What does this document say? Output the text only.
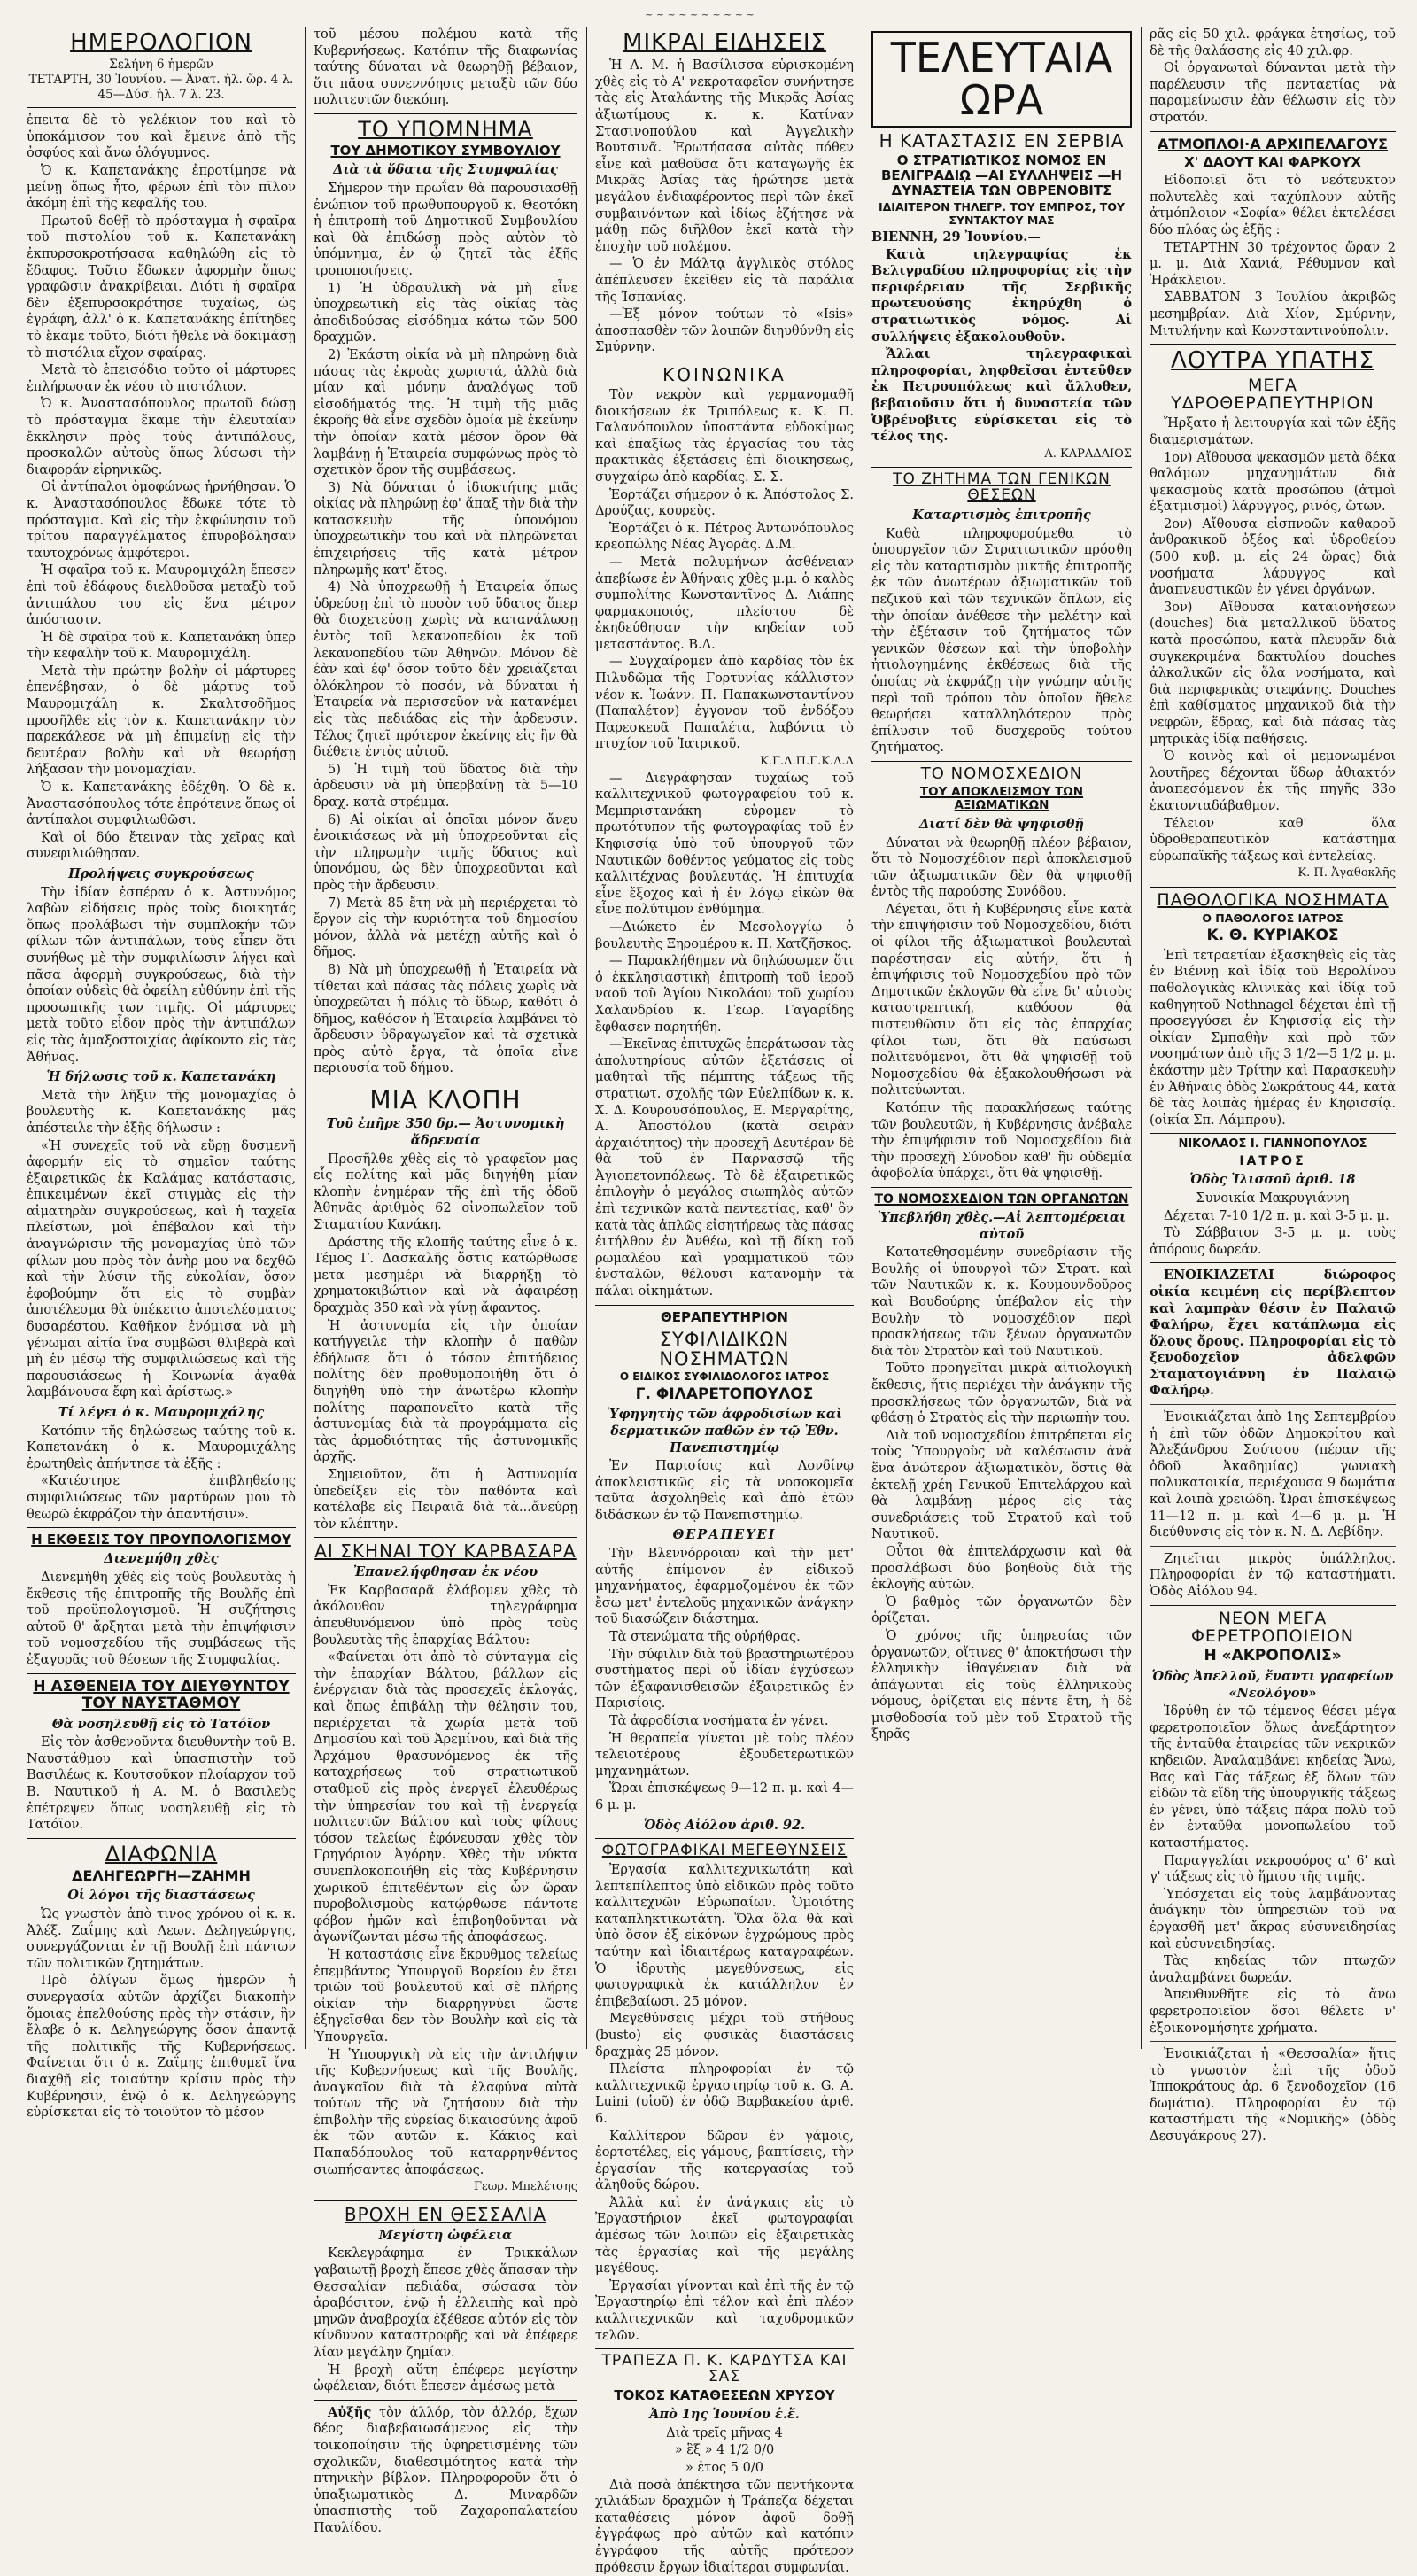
~ ~ ~ ~ ~ ~ ~ ~ ~ ~
ΗΜΕΡΟΛΟΓΙΟΝ
Σελήνη 6 ἡμερῶν
ΤΕΤΑΡΤΗ, 30 Ἰουνίου. — Ἀνατ. ἡλ. ὥρ. 4 λ. 45—Δύσ. ἡλ. 7 λ. 23.

ἐπειτα δὲ τὸ γελέκιον του καὶ τὸ ὑποκάμισον του καὶ ἔμεινε ἀπὸ τῆς ὀσφύος καὶ ἄνω ὁλόγυμνος.

Ὁ κ. Καπετανάκης ἐπροτίμησε νὰ μείνῃ ὅπως ἦτο, φέρων ἐπὶ τὸν πῖλον ἀκόμη ἐπὶ τῆς κεφαλῆς του.

Πρωτοῦ δοθῇ τὸ πρόσταγμα ἡ σφαῖρα τοῦ πιστολίου τοῦ κ. Καπετανάκη ἐκπυρσοκροτήσασα καθηλώθη εἰς τὸ ἔδαφος. Τοῦτο ἔδωκεν ἀφορμὴν ὅπως γραφῶσιν ἀνακρίβειαι. Διότι ἡ σφαῖρα δὲν ἐξεπυρσοκρότησε τυχαίως, ὡς ἐγράφη, ἀλλ' ὁ κ. Καπετανάκης ἐπίτηδες τὸ ἔκαμε τοῦτο, διότι ἤθελε νὰ δοκιμάσῃ τὸ πιστόλια εἴχον σφαίρας.

Μετὰ τὸ ἐπεισόδιο τοῦτο οἱ μάρτυρες ἐπλήρωσαν ἐκ νέου τὸ πιστόλιον.

Ὁ κ. Ἀναστασόπουλος πρωτοῦ δώσῃ τὸ πρόσταγμα ἔκαμε τὴν ἐλευταίαν ἔκκλησιν πρὸς τοὺς ἀντιπάλους, προσκαλῶν αὐτοὺς ὅπως λύσωσι τὴν διαφοράν εἰρηνικῶς.

Οἱ ἀντίπαλοι ὁμοφώνως ἠρνήθησαν. Ὁ κ. Ἀναστασόπουλος ἔδωκε τότε τὸ πρόσταγμα. Καὶ εἰς τὴν ἐκφώνησιν τοῦ τρίτου παραγγέλματος ἐπυροβόλησαν ταυτοχρόνως ἀμφότεροι.

Ἡ σφαῖρα τοῦ κ. Μαυρομιχάλη ἔπεσεν ἐπὶ τοῦ ἐδάφους διελθοῦσα μεταξὺ τοῦ ἀντιπάλου του εἰς ἕνα μέτρον ἀπόστασιν.

Ἡ δὲ σφαῖρα τοῦ κ. Καπετανάκη ὑπερ τὴν κεφαλὴν τοῦ κ. Μαυρομιχάλη.

Μετὰ τὴν πρώτην βολὴν οἱ μάρτυρες ἐπενέβησαν, ὁ δὲ μάρτυς τοῦ Μαυρομιχάλη κ. Σκαλτσοδῆμος προσῆλθε εἰς τὸν κ. Καπετανάκην τὸν παρεκάλεσε νὰ μὴ ἐπιμείνῃ εἰς τὴν δευτέραν βολὴν καὶ νὰ θεωρήσῃ λήξασαν τὴν μονομαχίαν.

Ὁ κ. Καπετανάκης ἐδέχθη. Ὁ δὲ κ. Ἀναστασόπουλος τότε ἐπρότεινε ὅπως οἱ ἀντίπαλοι συμφιλιωθῶσι.

Καὶ οἱ δύο ἔτειναν τὰς χεῖρας καὶ συνεφιλιώθησαν.

Προλήψεις συγκρούσεως

Τὴν ἰδίαν ἐσπέραν ὁ κ. Ἀστυνόμος λαβὼν εἰδήσεις πρὸς τοὺς διοικητάς ὅπως προλάβωσι τὴν συμπλοκήν τῶν φίλων τῶν ἀντιπάλων, τοὺς εἶπεν ὅτι συνήθως μὲ τὴν συμφιλίωσιν λήγει καὶ πᾶσα ἀφορμὴ συγκρούσεως, διὰ τὴν ὁποίαν οὐδεὶς θὰ ὀφείλῃ εὐθύνην ἐπὶ τῆς προσωπικῆς των τιμῆς. Οἱ μάρτυρες μετὰ τοῦτο εἶδον πρὸς τὴν ἀντιπάλων εἰς τὰς ἁμαξοστοιχίας ἀφίκοντο εἰς τὰς Ἀθήνας.

Ἡ δήλωσις τοῦ κ. Καπετανάκη

Μετὰ τὴν λῆξιν τῆς μονομαχίας ὁ βουλευτὴς κ. Καπετανάκης μᾶς ἀπέστειλε τὴν ἑξῆς δήλωσιν :

«Ἡ συνεχεῖς τοῦ νὰ εὕρῃ δυσμενῆ ἀφορμήν εἰς τὸ σημεῖον ταύτης ἐξαιρετικῶς ἐκ Καλάμας κατάστασις, ἐπικειμένων ἐκεῖ στιγμὰς εἰς τὴν αἱματηρὰν συγκρούσεως, καὶ ἡ ταχεῖα πλείστων, μοὶ ἐπέβαλον καὶ τὴν ἀναγνώρισιν τῆς μονομαχίας ὑπὸ τῶν φίλων μου πρὸς τὸν ἀνὴρ μου να δεχθῶ καὶ τὴν λύσιν τῆς εὐκολίαν, ὅσον ἐφοβούμην ὅτι εἰς τὸ συμβὰν ἀποτέλεσμα θὰ ὑπέκειτο ἀποτελέσματος δυσαρέστου. Καθῆκον ἐνόμισα νὰ μὴ γένωμαι αἰτία ἵνα συμβῶσι θλιβερὰ καὶ μὴ ἐν μέσῳ τῆς συμφιλιώσεως καὶ τῆς παρουσιάσεως ἡ Κοινωνία ἀγαθὰ λαμβάνουσα ἔφη καὶ ἀρίστως.»

Τί λέγει ὁ κ. Μαυρομιχάλης

Κατόπιν τῆς δηλώσεως ταύτης τοῦ κ. Καπετανάκη ὁ κ. Μαυρομιχάλης ἐρωτηθεὶς ἀπήντησε τὰ ἑξῆς :

«Κατέστησε ἐπιβληθείσης συμφιλιώσεως τῶν μαρτύρων μου τὸ θεωρῶ ἐκφράζον τὴν ἀπαντήσιν».

Η ΕΚΘΕΣΙΣ ΤΟΥ ΠΡΟΥΠΟΛΟΓΙΣΜΟΥ
Διενεμήθη χθὲς

Διενεμήθη χθὲς εἰς τοὺς βουλευτὰς ἡ ἔκθεσις τῆς ἐπιτροπῆς τῆς Βουλῆς ἐπὶ τοῦ προϋπολογισμοῦ. Ἡ συζήτησις αὐτοῦ θ' ἄρξηται μετὰ τὴν ἐπιψήφισιν τοῦ νομοσχεδίου τῆς συμβάσεως τῆς ἐξαγορᾶς τοῦ θέσεων τῆς Στυμφαλίας.

Η ΑΣΘΕΝΕΙΑ ΤΟΥ ΔΙΕΥΘΥΝΤΟΥ ΤΟΥ ΝΑΥΣΤΑΘΜΟΥ
Θὰ νοσηλευθῇ εἰς τὸ Τατόϊον

Εἰς τὸν ἀσθενοῦντα διευθυντὴν τοῦ Β. Ναυστάθμου καὶ ὑπασπιστὴν τοῦ Βασιλέως κ. Κουτσοῦκον πλοίαρχον τοῦ Β. Ναυτικοῦ ἡ Α. Μ. ὁ Βασιλεὺς ἐπέτρεψεν ὅπως νοσηλευθῇ εἰς τὸ Τατόϊον.

ΔΙΑΦΩΝΙΑ
ΔΕΛΗΓΕΩΡΓΗ—ΖΑΗΜΗ
Οἱ λόγοι τῆς διαστάσεως

Ὡς γνωστὸν ἀπὸ τινος χρόνου οἱ κ. κ. Ἀλέξ. Ζαΐμης καὶ Λεων. Δεληγεώργης, συνεργάζονται ἐν τῇ Βουλῇ ἐπὶ πάντων τῶν πολιτικῶν ζητημάτων.

Πρὸ ὀλίγων ὅμως ἡμερῶν ἡ συνεργασία αὐτῶν ἀρχίζει διακοπὴν ὅμοιας ἐπελθούσης πρὸς τὴν στάσιν, ἣν ἔλαβε ὁ κ. Δεληγεώργης ὅσον ἀπαντᾷ τῆς πολιτικῆς τῆς Κυβερνήσεως. Φαίνεται ὅτι ὁ κ. Ζαΐμης ἐπιθυμεῖ ἵνα διαχθῇ εἰς τοιαύτην κρίσιν πρὸς τὴν Κυβέρνησιν, ἐνῷ ὁ κ. Δεληγεώργης εὑρίσκεται εἰς τὸ τοιοῦτον τὸ μέσον

τοῦ μέσου πολέμου κατὰ τῆς Κυβερνήσεως. Κατόπιν τῆς διαφωνίας ταύτης δύναται νὰ θεωρηθῇ βέβαιον, ὅτι πᾶσα συνεννόησις μεταξὺ τῶν δύο πολιτευτῶν διεκόπη.

ΤΟ ΥΠΟΜΝΗΜΑ
ΤΟΥ ΔΗΜΟΤΙΚΟΥ ΣΥΜΒΟΥΛΙΟΥ
Διὰ τὰ ὕδατα τῆς Στυμφαλίας

Σήμερον τὴν πρωΐαν θὰ παρουσιασθῇ ἐνώπιον τοῦ πρωθυπουργοῦ κ. Θεοτόκη ἡ ἐπιτροπὴ τοῦ Δημοτικοῦ Συμβουλίου καὶ θὰ ἐπιδώσῃ πρὸς αὐτὸν τὸ ὑπόμνημα, ἐν ᾧ ζητεῖ τὰς ἑξῆς τροποποιήσεις.

1) Ἡ ὑδραυλικὴ νὰ μὴ εἶνε ὑποχρεωτικὴ εἰς τὰς οἰκίας τὰς ἀποδιδούσας εἰσόδημα κάτω τῶν 500 δραχμῶν.

2) Ἐκάστη οἰκία νὰ μὴ πληρώνῃ διὰ πάσας τὰς ἐκροὰς χωριστά, ἀλλὰ διὰ μίαν καὶ μόνην ἀναλόγως τοῦ εἰσοδήματός της. Ἡ τιμὴ τῆς μιᾶς ἐκροῆς θὰ εἶνε σχεδὸν ὁμοία μὲ ἐκείνην τὴν ὁποίαν κατὰ μέσον ὅρον θὰ λαμβάνῃ ἡ Ἑταιρεία συμφώνως πρὸς τὸ σχετικὸν ὅρον τῆς συμβάσεως.

3) Νὰ δύναται ὁ ἰδιοκτήτης μιᾶς οἰκίας νὰ πληρώνῃ ἐφ' ἅπαξ τὴν διὰ τὴν κατασκευὴν τῆς ὑπονόμου ὑποχρεωτικὴν του καὶ νὰ πληρῶνεται ἐπιχειρήσεις τῆς κατὰ μέτρον πληρωμῆς κατ' ἔτος.

4) Νὰ ὑποχρεωθῇ ἡ Ἑταιρεία ὅπως ὑδρεύσῃ ἐπὶ τὸ ποσὸν τοῦ ὕδατος ὅπερ θὰ διοχετεύσῃ χωρὶς νὰ κατανάλωσῃ ἐντὸς τοῦ λεκανοπεδίου ἐκ τοῦ λεκανοπεδίου τῶν Ἀθηνῶν. Μόνον δὲ ἐὰν καὶ ἐφ' ὅσον τοῦτο δὲν χρειάζεται ὁλόκληρον τὸ ποσόν, νὰ δύναται ἡ Ἑταιρεία νὰ περισσεῦον νὰ κατανέμει εἰς τὰς πεδιάδας εἰς τὴν ἀρδευσιν. Τέλος ζητεῖ πρότερον ἐκείνης εἰς ἣν θὰ διέθετε ἐντὸς αὐτοῦ.

5) Ἡ τιμὴ τοῦ ὕδατος διὰ τὴν ἀρδευσιν νὰ μὴ ὑπερβαίνῃ τὰ 5—10 δραχ. κατὰ στρέμμα.

6) Αἱ οἰκίαι αἱ ὁποῖαι μόνον ἄνευ ἐνοικιάσεως νὰ μὴ ὑποχρεοῦνται εἰς τὴν πληρωμὴν τιμῆς ὕδατος καὶ ὑπονόμου, ὡς δὲν ὑποχρεοῦνται καὶ πρὸς τὴν ἄρδευσιν.

7) Μετὰ 85 ἔτη νὰ μὴ περιέρχεται τὸ ἔργον εἰς τὴν κυριότητα τοῦ δημοσίου μόνον, ἀλλὰ νὰ μετέχῃ αὐτῆς καὶ ὁ δῆμος.

8) Νὰ μὴ ὑποχρεωθῇ ἡ Ἑταιρεία νὰ τίθεται καὶ πάσας τὰς πόλεις χωρὶς νὰ ὑποχρεῶται ἡ πόλις τὸ ὕδωρ, καθότι ὁ δῆμος, καθόσον ἡ Ἑταιρεία λαμβάνει τὸ ἄρδευσιν ὑδραγωγεῖον καὶ τὰ σχετικὰ πρὸς αὐτὸ ἔργα, τὰ ὁποῖα εἶνε περιουσία τοῦ δήμου.

ΜΙΑ ΚΛΟΠΗ
Τοῦ ἐπῆρε 350 δρ.— Ἀστυνομικὴ ἄδρεναία

Προσῆλθε χθὲς εἰς τὸ γραφεῖον μας εἷς πολίτης καὶ μᾶς διηγήθη μίαν κλοπὴν ἐνημέραν τῆς ἐπὶ τῆς ὁδοῦ Ἀθηνᾶς ἀριθμὸς 62 οἰνοπωλεῖον τοῦ Σταματίου Κανάκη.

Δράστης τῆς κλοπῆς ταύτης εἶνε ὁ κ. Τέμος Γ. Δασκαλῆς ὅστις κατώρθωσε μετα μεσημέρι νὰ διαρρήξῃ τὸ χρηματοκιβώτιον καὶ νὰ ἀφαιρέσῃ δραχμὰς 350 καὶ νὰ γίνῃ ἄφαντος.

Ἡ ἀστυνομία εἰς τὴν ὁποίαν κατήγγειλε τὴν κλοπὴν ὁ παθὼν ἐδήλωσε ὅτι ὁ τόσον ἐπιτήδειος πολίτης δὲν προθυμοποιήθη ὅτι ὁ διηγήθη ὑπὸ τὴν ἀνωτέρω κλοπὴν πολίτης παραπονεῖτο κατὰ τῆς ἀστυνομίας διὰ τὰ προγράμματα εἰς τὰς ἀρμοδιότητας τῆς ἀστυνομικῆς ἀρχῆς.

Σημειοῦτον, ὅτι ἡ Ἀστυνομία ὑπεδείξεν εἰς τὸν παθόντα καὶ κατέλαβε εἰς Πειραιᾶ διὰ τὰ...ἄνεύρῃ τὸν κλέπτην.

ΑΙ ΣΚΗΝΑΙ ΤΟΥ ΚΑΡΒΑΣΑΡΑ
Ἐπανελήφθησαν ἐκ νέου

Ἐκ Καρβασαρᾶ ἐλάβομεν χθὲς τὸ ἀκόλουθον τηλεγράφημα ἀπευθυνόμενον ὑπὸ πρὸς τοὺς βουλευτὰς τῆς ἐπαρχίας Βάλτου:

«Φαίνεται ὁτι ἀπὸ τὸ σύνταγμα εἰς τὴν ἐπαρχίαν Βάλτου, βάλλων εἰς ἐνέργειαν διὰ τὰς προσεχεῖς ἐκλογάς, καὶ ὅπως ἐπιβάλῃ τὴν θέλησιν του, περιέρχεται τὰ χωρία μετὰ τοῦ Δημοσίου καὶ τοῦ Ἀρεμίνου, καὶ διὰ τῆς Ἀρχάμου θρασυνόμενος ἐκ τῆς καταχρήσεως τοῦ στρατιωτικοῦ σταθμοῦ εἰς πρὸς ἐνεργεῖ ἐλευθέρως τὴν ὑπηρεσίαν του καὶ τῇ ἐνεργείᾳ πολιτευτῶν Βάλτου καὶ τοὺς φίλους τόσον τελείως ἐφόνευσαν χθὲς τὸν Γρηγόριον Ἀγόρην. Χθὲς τὴν νύκτα συνεπλοκοποιήθη εἰς τὰς Κυβέρνησιν χωρικοῦ ἐπιτεθέντων εἰς ὧν ὥραν πυροβολισμοὺς κατῴρθωσε πάντοτε φόβον ἠμῶν καὶ ἐπιβοηθοῦνται νὰ ἀγωνίζωνται μέσω τῆς ἀποφάσεως.

Ἡ καταστάσις εἶνε ἔκρυθμος τελείως ἐπεμβάντος Ὑπουργοῦ Βορείου ἐν ἔτει τριῶν τοῦ βουλευτοῦ καὶ σὲ πλήρης οἰκίαν τὴν διαρρηγνύει ὥστε ἐξηγεῖσθαι δεν τὸν Βουλὴν καὶ εἰς τὰ Ὑπουργεῖα.

Ἡ Ὑπουργικὴ νὰ εἰς τὴν ἀντιλήψιν τῆς Κυβερνήσεως καὶ τῆς Βουλῆς, ἀναγκαῖον διὰ τὰ ἐλαφύνα αὐτὰ τούτων τῆς νὰ ζητήσουν διὰ τὴν ἐπιβολὴν τῆς εὐρείας δικαιοσύνης ἀφοῦ ἐκ τῶν αὐτῶν κ. Κάκιος καὶ Παπαδόπουλος τοῦ καταρρηνθέντος σιωπήσαντες ἀποφάσεως.

Γεωρ. Μπελέτσης
ΒΡΟΧΗ ΕΝ ΘΕΣΣΑΛΙΑ
Μεγίστη ὠφέλεια

Κεκλεγράφημα ἐν Τρικκάλων γαβαιωτῇ βροχὴ ἔπεσε χθὲς ἅπασαν τὴν Θεσσαλίαν πεδιάδα, σώσασα τὸν ἀραβόσιτον, ἐνῷ ἡ ἐλλειπὴς καὶ πρὸ μηνῶν ἀναβροχία ἐξέθεσε αὐτόν εἰς τὸν κίνδυνον καταστροφῆς καὶ νὰ ἐπέφερε λίαν μεγάλην ζημίαν.

Ἡ βροχὴ αὕτη ἐπέφερε μεγίστην ὠφέλειαν, διότι ἔπεσεν ἀμέσως μετὰ

Αὐξῆς τὸν ἀλλόρ, τὸν ἀλλόρ, ἔχων δέος διαβεβαιωσάμενος εἰς τὴν τοικοποίησιν τῆς ὑφηρετισμένης τῶν σχολικῶν, διαθεσιμότητος κατὰ τὴν πτηνικὴν βίβλον. Πληροφοροῦν ὅτι ὁ ὑπαξιωματικὸς Δ. Μιναρδῶν ὑπασπιστὴς τοῦ Ζαχαροπαλατείου Παυλίδου.

ΜΙΚΡΑΙ ΕΙΔΗΣΕΙΣ

Ἡ Α. Μ. ἡ Βασίλισσα εὑρισκομένη χθὲς εἰς τὸ Α' νεκροταφεῖον συνήντησε τὰς εἰς Ἀταλάντης τῆς Μικρᾶς Ἀσίας ἀξιωτίμους κ. κ. Κατίναν Στασινοπούλου καὶ Ἀγγελικὴν Βουτσινᾶ. Ἐρωτήσασα αὐτὰς πόθεν εἶνε καὶ μαθοῦσα ὅτι καταγωγῆς ἐκ Μικρᾶς Ἀσίας τὰς ἠρώτησε μετὰ μεγάλου ἐνδιαφέροντος περὶ τῶν ἐκεῖ συμβαινόντων καὶ ἰδίως ἐζήτησε νὰ μάθῃ πῶς διῆλθον ἐκεῖ κατὰ τὴν ἐποχὴν τοῦ πολέμου.

— Ὁ ἐν Μάλτᾳ ἀγγλικὸς στόλος ἀπέπλευσεν ἐκεῖθεν εἰς τὰ παράλια τῆς Ἰσπανίας.

—Ἐξ μόνον τούτων τὸ «Isis» ἀποσπασθὲν τῶν λοιπῶν διηυθύνθη εἰς Σμύρνην.

ΚΟΙΝΩΝΙΚΑ

Τὸν νεκρὸν καὶ γερμανομαθῆ διοικήσεων ἐκ Τριπόλεως κ. Κ. Π. Γαλανόπουλον ὑποστάντα εὐδοκίμως καὶ ἐπαξίως τὰς ἐργασίας του τὰς πρακτικὰς ἐξετάσεις ἐπὶ διοικησεως, συγχαίρω ἀπὸ καρδίας. Σ. Σ.

Ἑορτάζει σήμερον ὁ κ. Ἀπόστολος Σ. Δρούζας, κουρεὺς.

Ἑορτάζει ὁ κ. Πέτρος Ἀντωνόπουλος κρεοπώλης Νέας Ἀγορᾶς. Δ.Μ.

— Μετὰ πολυμήνων ἀσθένειαν ἀπεβίωσε ἐν Ἀθήναις χθὲς μ.μ. ὁ καλὸς συμπολίτης Κωνσταντῖνος Δ. Λιάπης φαρμακοποιός, πλείστου δὲ ἐκηδεύθησαν τὴν κηδείαν τοῦ μεταστάντος. Β.Λ.

— Συγχαίρομεν ἀπὸ καρδίας τὸν ἐκ Πιλυδῶμα τῆς Γορτυνίας κάλλιστον νέον κ. Ἰωάνν. Π. Παπακωνσταντίνου (Παπαλέτον) ἐγγονον τοῦ ἐνδόξου Παρεσκευᾶ Παπαλέτα, λαβόντα τὸ πτυχίον τοῦ Ἰατρικοῦ.

Κ.Γ.Δ.Π.Γ.Κ.Δ.Δ

— Διεγράφησαν τυχαίως τοῦ καλλιτεχνικοῦ φωτογραφείου τοῦ κ. Μεμπριστανάκη εὑρομεν τὸ πρωτότυπον τῆς φωτογραφίας τοῦ ἐν Κηφισσίᾳ ὑπὸ τοῦ ὑπουργοῦ τῶν Ναυτικῶν δοθέντος γεύματος εἰς τοὺς καλλιτέχνας βουλευτάς. Ἡ ἐπιτυχία εἶνε ἔξοχος καὶ ἡ ἐν λόγῳ εἰκὼν θὰ εἶνε πολύτιμον ἐνθύμημα.

—Διώκετο ἐν Μεσολογγίῳ ὁ βουλευτὴς Ξηρομέρου κ. Π. Χατζῆσκος.

— Παρακλήθημεν νὰ δηλώσωμεν ὅτι ὁ ἐκκλησιαστικὴ ἐπιτροπὴ τοῦ ἱεροῦ ναοῦ τοῦ Ἁγίου Νικολάου τοῦ χωρίου Χαλανδρίου κ. Γεωρ. Γαγαρίδης ἔφθασεν παρητήθη.

—Ἐκεῖνας ἐπιτυχῶς ἐπεράτωσαν τὰς ἀπολυτηρίους αὐτῶν ἐξετάσεις οἱ μαθηταὶ τῆς πέμπτης τάξεως τῆς στρατιωτ. σχολῆς τῶν Εὐελπίδων κ. κ. Χ. Δ. Κουρουσόπουλος, Ε. Μεργαρίτης, Α. Ἀποστόλου (κατὰ σειρὰν ἀρχαιότητος) τὴν προσεχῆ Δευτέραν δὲ θὰ τοῦ ἐν Παρνασσῷ τῆς Ἀγιοπετονπόλεως. Τὸ δὲ ἐξαιρετικῶς ἐπιλογὴν ὁ μεγάλος σιωπηλὸς αὐτῶν ἐπὶ τεχνικῶν κατὰ πεντεετίας, καθ' ὃν κατὰ τὰς ἀπλῶς εἰσητήρεως τὰς πάσας ἐιτήλθον ἐν Ἀνθέω, καὶ τῇ δίκῃ τοῦ ρωμαλέου καὶ γραμματικοῦ τῶν ἐνσταλῶν, θέλουσι κατανομὴν τὰ πάλαι οἰκημάτων.

ΘΕΡΑΠΕΥΤΗΡΙΟΝ
ΣΥΦΙΛΙΔΙΚΩΝ ΝΟΣΗΜΑΤΩΝ
Ο ΕΙΔΙΚΟΣ ΣΥΦΙΛΙΔΟΛΟΓΟΣ ΙΑΤΡΟΣ
Γ. ΦΙΛΑΡΕΤΟΠΟΥΛΟΣ
Ὑφηγητὴς τῶν ἀφροδισίων καὶ δερματικῶν παθῶν ἐν τῷ Ἐθν. Πανεπιστημίῳ

Ἐν Παρισίοις καὶ Λονδίνῳ ἀποκλειστικῶς εἰς τὰ νοσοκομεῖα ταῦτα ἀσχοληθεὶς καὶ ἀπὸ ἐτῶν διδάσκων ἐν τῷ Πανεπιστημίῳ.

ΘΕΡΑΠΕΥΕΙ

Τὴν Βλεννόρροιαν καὶ τὴν μετ' αὐτῆς ἐπίμονον ἐν εἰδικοῦ μηχανήματος, ἐφαρμοζομένου ἐκ τῶν ἔσω μετ' ἐντελοῦς μηχανικῶν ἀνάγκην τοῦ διασώζειν διάστημα.

Τὰ στενώματα τῆς οὐρήθρας.

Τὴν σύφιλιν διὰ τοῦ βραστηριωτέρου συστήματος περὶ οὗ ἰδίαν ἐγχύσεων τῶν ἐξαφανισθεισῶν ἐξαιρετικῶς ἐν Παρισίοις.

Τὰ ἀφροδίσια νοσήματα ἐν γένει.

Ἡ θεραπεία γίνεται μὲ τοὺς πλέον τελειοτέρους ἐξουδετερωτικῶν μηχανημάτων.

Ὥραι ἐπισκέψεως 9—12 π. μ. καὶ 4—6 μ. μ.

Ὁδὸς Αἰόλου ἀριθ. 92.
ΦΩΤΟΓΡΑΦΙΚΑΙ ΜΕΓΕΘΥΝΣΕΙΣ

Ἐργασία καλλιτεχνικωτάτη καὶ λεπτεπίλεπτος ὑπὸ εἰδικῶν πρὸς τοῦτο καλλιτεχνῶν Εὐρωπαίων. Ὁμοιότης καταπληκτικωτάτη. Ὅλα ὅλα θὰ καὶ ὑπὸ ὅσον ἐξ εἰκόνων ἐγχρώμους πρὸς ταύτην καὶ ἰδιαιτέρως καταγραφέων. Ὁ ἱδρυτὴς μεγεθύνσεως, εἰς φωτογραφικὰ ἐκ κατάλληλον ἐν ἐπιβεβαίωσι. 25 μόνον.

Μεγεθύνσεις μέχρι τοῦ στήθους (busto) εἰς φυσικὰς διαστάσεις δραχμὰς 25 μόνον.

Πλείστα πληροφορίαι ἐν τῷ καλλιτεχνικῷ ἐργαστηρίῳ τοῦ κ. G. A. Luini (υἱοῦ) ἐν ὁδῷ Βαρβακείου ἀριθ. 6.

Καλλίτερον δῶρον ἐν γάμοις, ἑορτοτέλες, εἰς γάμους, βαπτίσεις, τὴν ἐργασίαν τῆς κατεργασίας τοῦ ἀληθοῦς δώρου.

Ἀλλὰ καὶ ἐν ἀνάγκαις εἰς τὸ Ἐργαστήριον ἐκεῖ φωτογραφίαι ἀμέσως τῶν λοιπῶν εἰς ἑξαιρετικὰς τὰς ἐργασίας καὶ τῆς μεγάλης μεγέθους.

Ἐργασίαι γίνονται καὶ ἐπὶ τῆς ἐν τῷ Ἐργαστηρίῳ ἐπὶ τέλον καὶ ἐπὶ πλέον καλλιτεχνικῶν καὶ ταχυδρομικῶν τελῶν.

ΤΡΑΠΕΖΑ Π. Κ. ΚΑΡΔΥΤΣΑ ΚΑΙ ΣΑΣ
ΤΟΚΟΣ ΚΑΤΑΘΕΣΕΩΝ ΧΡΥΣΟΥ
Ἀπὸ 1ης Ἰουνίου ἐ.ἔ.

Διὰ τρεῖς μῆνας 4

» ἓξ » 4 1/2 0/0

» ἐτος 5 0/0

Διὰ ποσὰ ἀπέκτησα τῶν πεντήκοντα χιλιάδων δραχμῶν ἡ Τράπεζα δέχεται καταθέσεις μόνον ἀφοῦ δοθῇ ἐγγράφως πρὸ αὐτῶν καὶ κατόπιν ἐγγράφου τῆς αὐτῆς πρότερον πρόθεσιν ἔργων ἰδιαίτεραι συμφωνίαι.

ΤΕΛΕΥΤΑΙΑ ΩΡΑ
Η ΚΑΤΑΣΤΑΣΙΣ ΕΝ ΣΕΡΒΙΑ
Ο ΣΤΡΑΤΙΩΤΙΚΟΣ ΝΟΜΟΣ ΕΝ ΒΕΛΙΓΡΑΔΙῼ —ΑΙ ΣΥΛΛΗΨΕΙΣ —Η ΔΥΝΑΣΤΕΙΑ ΤΩΝ ΟΒΡΕΝΟΒΙΤΣ
ΙΔΙΑΙΤΕΡΟΝ ΤΗΛΕΓΡ. ΤΟΥ ΕΜΠΡΟΣ, ΤΟΥ ΣΥΝΤΑΚΤΟΥ ΜΑΣ

ΒΙΕΝΝΗ, 29 Ἰουνίου.—

Κατὰ τηλεγραφίας ἐκ Βελιγραδίου πληροφορίας εἰς τὴν περιφέρειαν τῆς Σερβικῆς πρωτευούσης ἐκηρύχθη ὁ στρατιωτικὸς νόμος. Αἱ συλλήψεις ἐξακολουθοῦν.

Ἄλλαι τηλεγραφικαὶ πληροφορίαι, ληφθεῖσαι ἐντεῦθεν ἐκ Πετρουπόλεως καὶ ἄλλοθεν, βεβαιοῦσιν ὅτι ἡ δυναστεία τῶν Ὀβρένοβιτς εὑρίσκεται εἰς τὸ τέλος της.

Α. ΚΑΡΑΔΑΙΟΣ
ΤΟ ΖΗΤΗΜΑ ΤΩΝ ΓΕΝΙΚΩΝ ΘΕΣΕΩΝ
Καταρτισμὸς ἐπιτροπῆς

Καθὰ πληροφορούμεθα τὸ ὑπουργεῖον τῶν Στρατιωτικῶν πρόσθη εἰς τὸν καταρτισμὸν μικτῆς ἐπιτροπῆς ἐκ τῶν ἀνωτέρων ἀξιωματικῶν τοῦ πεζικοῦ καὶ τῶν τεχνικῶν ὅπλων, εἰς τὴν ὁποίαν ἀνέθεσε τὴν μελέτην καὶ τὴν ἐξέτασιν τοῦ ζητήματος τῶν γενικῶν θέσεων καὶ τὴν ὑποβολὴν ἠτιολογημένης ἐκθέσεως διὰ τῆς ὁποίας νὰ ἐκφράζῃ τὴν γνώμην αὐτῆς περὶ τοῦ τρόπου τὸν ὁποῖον ἤθελε θεωρήσει καταλληλότερον πρὸς ἐπίλυσιν τοῦ δυσχεροῦς τούτου ζητήματος.

ΤΟ ΝΟΜΟΣΧΕΔΙΟΝ
ΤΟΥ ΑΠΟΚΛΕΙΣΜΟΥ ΤΩΝ ΑΞΙΩΜΑΤΙΚΩΝ
Διατί δὲν θὰ ψηφισθῇ

Δύναται νὰ θεωρηθῇ πλέον βέβαιον, ὅτι τὸ Νομοσχέδιον περὶ ἀποκλεισμοῦ τῶν ἀξιωματικῶν δὲν θὰ ψηφισθῇ ἐντὸς τῆς παρούσης Συνόδου.

Λέγεται, ὅτι ἡ Κυβέρνησις εἶνε κατὰ τὴν ἐπιψήφισιν τοῦ Νομοσχεδίου, διότι οἱ φίλοι τῆς ἀξιωματικοὶ βουλευταὶ παρέστησαν εἰς αὐτήν, ὅτι ἡ ἐπιψήφισις τοῦ Νομοσχεδίου πρὸ τῶν Δημοτικῶν ἐκλογῶν θὰ εἶνε δι' αὐτοὺς καταστρεπτική, καθόσον θὰ πιστευθῶσιν ὅτι εἰς τὰς ἐπαρχίας φίλοι των, ὅτι θὰ παύσωσι πολιτευόμενοι, ὅτι θὰ ψηφισθῇ τοῦ Νομοσχεδίου θὰ ἐξακολουθήσωσι νὰ πολιτεύωνται.

Κατόπιν τῆς παρακλήσεως ταύτης τῶν βουλευτῶν, ἡ Κυβέρνησις ἀνέβαλε τὴν ἐπιψήφισιν τοῦ Νομοσχεδίου διὰ τὴν προσεχῆ Σύνοδον καθ' ἣν οὐδεμία ἀφοβολία ὑπάρχει, ὅτι θὰ ψηφισθῇ.

ΤΟ ΝΟΜΟΣΧΕΔΙΟΝ ΤΩΝ ΟΡΓΑΝΩΤΩΝ
Ὑπεβλήθη χθὲς.—Αἱ λεπτομέρειαι αὐτοῦ

Κατατεθησομένην συνεδρίασιν τῆς Βουλῆς οἱ ὑπουργοὶ τῶν Στρατ. καὶ τῶν Ναυτικῶν κ. κ. Κουμουνδοῦρος καὶ Βουδούρης ὑπέβαλον εἰς τὴν Βουλὴν τὸ νομοσχέδιον περὶ προσκλήσεως τῶν ξένων ὀργανωτῶν διὰ τὸν Στρατὸν καὶ τοῦ Ναυτικοῦ.

Τοῦτο προηγεῖται μικρὰ αἰτιολογικὴ ἔκθεσις, ἥτις περιέχει τὴν ἀνάγκην τῆς προσκλήσεως τῶν ὀργανωτῶν, διὰ νὰ φθάσῃ ὁ Στρατὸς εἰς τὴν περιωπὴν του.

Διὰ τοῦ νομοσχεδίου ἐπιτρέπεται εἰς τοὺς Ὑπουργοὺς νὰ καλέσωσιν ἀνὰ ἕνα ἀνώτερον ἀξιωματικὸν, ὅστις θὰ ἐκτελῇ χρέη Γενικοῦ Ἐπιτελάρχου καὶ θὰ λαμβάνῃ μέρος εἰς τὰς συνεδριάσεις τοῦ Στρατοῦ καὶ τοῦ Ναυτικοῦ.

Οὗτοι θὰ ἐπιτελάρχωσιν καὶ θὰ προσλάβωσι δύο βοηθοὺς διὰ τῆς ἐκλογῆς αὐτῶν.

Ὁ βαθμὸς τῶν ὀργανωτῶν δὲν ὁρίζεται.

Ὁ χρόνος τῆς ὑπηρεσίας τῶν ὀργανωτῶν, οἵτινες θ' ἀποκτήσωσι τὴν ἑλληνικὴν ἰθαγένειαν διὰ νὰ ἀπάγωνται εἰς τοὺς ἑλληνικοὺς νόμους, ὁρίζεται εἰς πέντε ἔτη, ἡ δὲ μισθοδοσία τοῦ μὲν τοῦ Στρατοῦ τῆς ξηρᾶς

ρᾶς εἰς 50 χιλ. φράγκα ἐτησίως, τοῦ δὲ τῆς θαλάσσης εἰς 40 χιλ.φρ.

Οἱ ὀργανωταὶ δύνανται μετὰ τὴν παρέλευσιν τῆς πενταετίας νὰ παραμείνωσιν ἐὰν θέλωσιν εἰς τὸν στρατόν.

ΑΤΜΟΠΛΟΙ·Α ΑΡΧΙΠΕΛΑΓΟΥΣ
Χ' ΔΑΟΥΤ ΚΑΙ ΦΑΡΚΟΥΧ

Εἰδοποιεῖ ὅτι τὸ νεότευκτον πολυτελὲς καὶ ταχύπλουν αὐτῆς ἀτμόπλοιον «Σοφία» θέλει ἐκτελέσει δύο πλόας ὡς ἑξῆς :

ΤΕΤΑΡΤΗΝ 30 τρέχοντος ὥραν 2 μ. μ. Διὰ Χανιά, Ρέθυμνον καὶ Ἡράκλειον.

ΣΑΒΒΑΤΟΝ 3 Ἰουλίου ἀκριβῶς μεσημβρίαν. Διὰ Χίον, Σμύρνην, Μιτυλήνην καὶ Κωνσταντινούπολιν.

ΛΟΥΤΡΑ ΥΠΑΤΗΣ
ΜΕΓΑ ΥΔΡΟΘΕΡΑΠΕΥΤΗΡΙΟΝ

Ἤρξατο ἡ λειτουργία καὶ τῶν ἑξῆς διαμερισμάτων.

1ον) Αἴθουσα ψεκασμῶν μετὰ δέκα θαλάμων μηχανημάτων διὰ ψεκασμοὺς κατὰ προσώπου (ἀτμοὶ ἐξατμισμοὶ) λάρυγγος, ρινός, ὤτων.

2ον) Αἴθουσα εἰσπνοῶν καθαροῦ ἀνθρακικοῦ ὀξέος καὶ ὑδροθείου (500 κυβ. μ. εἰς 24 ὥρας) διὰ νοσήματα λάρυγγος καὶ ἀναπνευστικῶν ἐν γένει ὀργάνων.

3ον) Αἴθουσα καταιονήσεων (douches) διὰ μεταλλικοῦ ὕδατος κατὰ προσώπου, κατὰ πλευρᾶν διὰ συγκεκριμένα δακτυλίου douches ἀλκαλικῶν εἰς ὅλα νοσήματα, καὶ διὰ περιφερικὰς στεφάνης. Douches ἐπὶ καθίσματος μηχανικοῦ διὰ τὴν νεφρῶν, ἕδρας, καὶ διὰ πάσας τὰς μητρικὰς ἰδίᾳ παθήσεις.

Ὁ κοινὸς καὶ οἱ μεμονωμένοι λουτῆρες δέχονται ὕδωρ ἀθιακτόν ἀναπεσόμενον ἐκ τῆς πηγῆς 33ο ἑκατονταδάβαθμον.

Τέλειον καθ' ὅλα ὑδροθεραπευτικὸν κατάστημα εὐρωπαϊκῆς τάξεως καὶ ἐντελείας.

Κ. Π. Ἀγαθοκλῆς
ΠΑΘΟΛΟΓΙΚΑ ΝΟΣΗΜΑΤΑ
Ο ΠΑΘΟΛΟΓΟΣ ΙΑΤΡΟΣ
Κ. Θ. ΚΥΡΙΑΚΟΣ

Ἐπὶ τετραετίαν ἐξασκηθεὶς εἰς τὰς ἐν Βιέννῃ καὶ ἰδίᾳ τοῦ Βερολίνου παθολογικὰς κλινικὰς καὶ ἰδίᾳ τοῦ καθηγητοῦ Nothnagel δέχεται ἐπὶ τῇ προσεγγύσει ἐν Κηφισσίᾳ εἰς τὴν οἰκίαν Σμπαθὴν καὶ πρὸ τῶν νοσημάτων ἀπὸ τῆς 3 1/2—5 1/2 μ. μ. ἑκάστην μὲν Τρίτην καὶ Παρασκευὴν ἐν Ἀθήναις ὁδὸς Σωκράτους 44, κατὰ δὲ τὰς λοιπὰς ἡμέρας ἐν Κηφισσίᾳ. (οἰκία Σπ. Λάμπρου).

ΝΙΚΟΛΑΟΣ Ι. ΓΙΑΝΝΟΠΟΥΛΟΣ
ΙΑΤΡΟΣ
Ὁδὸς Ἰλισσοῦ ἀριθ. 18

Συνοικία Μακρυγιάννη

Δέχεται 7-10 1/2 π. μ. καὶ 3-5 μ. μ.

Τὸ Σάββατον 3-5 μ. μ. τοὺς ἀπόρους δωρεάν.

ΕΝΟΙΚΙΑΖΕΤΑΙ διώροφος οἰκία κειμένη εἰς περίβλεπτον καὶ λαμπρὰν θέσιν ἐν Παλαιῷ Φαλήρῳ, ἔχει κατάπλωμα εἰς ὅλους ὄρους. Πληροφορίαι εἰς τὸ ξενοδοχεῖον ἀδελφῶν Σταματογιάννη ἐν Παλαιῷ Φαλήρῳ.

Ἐνοικιάζεται ἀπὸ 1ης Σεπτεμβρίου ἡ ἐπὶ τῶν ὁδῶν Δημοκρίτου καὶ Ἀλεξάνδρου Σούτσου (πέραν τῆς ὁδοῦ Ἀκαδημίας) γωνιακὴ πολυκατοικία, περιέχουσα 9 δωμάτια καὶ λοιπὰ χρειώδη. Ὥραι ἐπισκέψεως 11—12 π. μ. καὶ 4—6 μ. μ. Ἡ διεύθυνσις εἰς τὸν κ. Ν. Δ. Λεβίδην.

Ζητεῖται μικρὸς ὑπάλληλος. Πληροφορίαι ἐν τῷ καταστήματι. Ὁδὸς Αἰόλου 94.

ΝΕΟΝ ΜΕΓΑ ΦΕΡΕΤΡΟΠΟΙΕΙΟΝ
Η «ΑΚΡΟΠΟΛΙΣ»
Ὁδὸς Ἀπελλοῦ, ἔναντι γραφείων «Νεολόγου»

Ἱδρύθη ἐν τῷ τέμενος θέσει μέγα φερετροποιεῖον ὅλως ἀνεξάρτητον τῆς ἐνταῦθα ἑταιρείας τῶν νεκρικῶν κηδειῶν. Ἀναλαμβάνει κηδείας Ἄνω, Βας καὶ Γὰς τάξεως ἐξ ὅλων τῶν εἰδῶν τὰ εἴδη τῆς ὑπουργικῆς τάξεως ἐν γένει, ὑπὸ τάξεις πάρα πολὺ τοῦ ἐν ἐνταῦθα μονοπωλείου τοῦ καταστήματος.

Παραγγελίαι νεκροφόρος α' 6' καὶ γ' τάξεως εἰς τὸ ἥμισυ τῆς τιμῆς.

Ὑπόσχεται εἰς τοὺς λαμβάνοντας ἀνάγκην τὸν ὑπηρεσιῶν τοῦ να ἐργασθῆ μετ' ἄκρας εὐσυνειδησίας καὶ εὐσυνειδησίας.

Τὰς κηδείας τῶν πτωχῶν ἀναλαμβάνει δωρεάν.

Ἀπευθυνθῆτε εἰς τὸ ἄνω φερετροποιεῖον ὅσοι θέλετε ν' ἐξοικονομήσητε χρήματα.

Ἐνοικιάζεται ἡ «Θεσσαλία» ἥτις τὸ γνωστὸν ἐπὶ τῆς ὁδοῦ Ἱπποκράτους ἀρ. 6 ξενοδοχεῖον (16 δωμάτια). Πληροφορίαι ἐν τῷ καταστήματι τῆς «Νομικῆς» (ὁδὸς Δεσυγάκρους 27).
